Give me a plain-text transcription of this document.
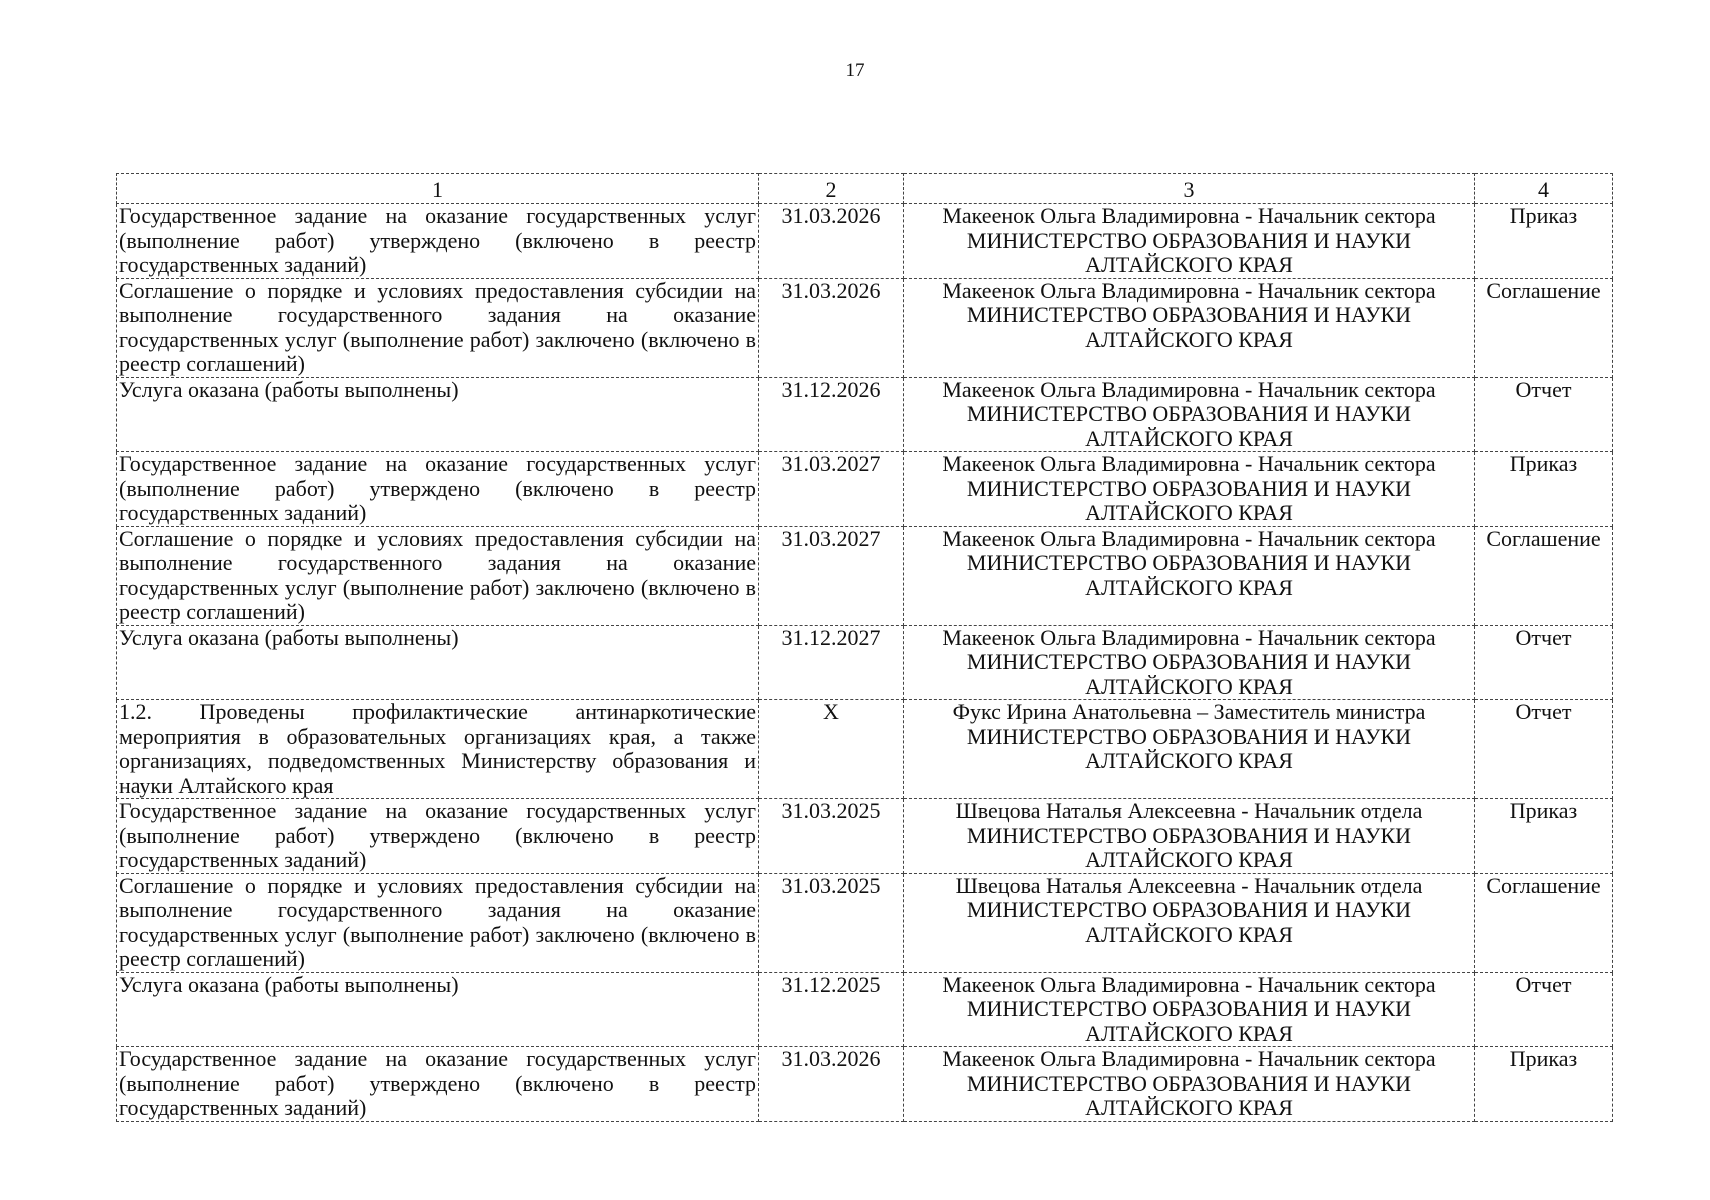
17
1	2	3	4
Государственное задание на оказание государственных услуг (выполнение работ) утверждено (включено в реестр государственных заданий)	31.03.2026	Макеенок Ольга Владимировна - Начальник сектора
МИНИСТЕРСТВО ОБРАЗОВАНИЯ И НАУКИ АЛТАЙСКОГО КРАЯ	Приказ
Соглашение о порядке и условиях предоставления субсидии на выполнение государственного задания на оказание государственных услуг (выполнение работ) заключено (включено в реестр соглашений)	31.03.2026	Макеенок Ольга Владимировна - Начальник сектора
МИНИСТЕРСТВО ОБРАЗОВАНИЯ И НАУКИ АЛТАЙСКОГО КРАЯ	Соглашение
Услуга оказана (работы выполнены)	31.12.2026	Макеенок Ольга Владимировна - Начальник сектора
МИНИСТЕРСТВО ОБРАЗОВАНИЯ И НАУКИ АЛТАЙСКОГО КРАЯ	Отчет
Государственное задание на оказание государственных услуг (выполнение работ) утверждено (включено в реестр государственных заданий)	31.03.2027	Макеенок Ольга Владимировна - Начальник сектора
МИНИСТЕРСТВО ОБРАЗОВАНИЯ И НАУКИ АЛТАЙСКОГО КРАЯ	Приказ
Соглашение о порядке и условиях предоставления субсидии на выполнение государственного задания на оказание государственных услуг (выполнение работ) заключено (включено в реестр соглашений)	31.03.2027	Макеенок Ольга Владимировна - Начальник сектора
МИНИСТЕРСТВО ОБРАЗОВАНИЯ И НАУКИ АЛТАЙСКОГО КРАЯ	Соглашение
Услуга оказана (работы выполнены)	31.12.2027	Макеенок Ольга Владимировна - Начальник сектора
МИНИСТЕРСТВО ОБРАЗОВАНИЯ И НАУКИ АЛТАЙСКОГО КРАЯ	Отчет
1.2. Проведены профилактические антинаркотические мероприятия в образовательных организациях края, а также организациях, подведомственных Министерству образования и науки Алтайского края	X	Фукс Ирина Анатольевна – Заместитель министра
МИНИСТЕРСТВО ОБРАЗОВАНИЯ И НАУКИ АЛТАЙСКОГО КРАЯ	Отчет
Государственное задание на оказание государственных услуг (выполнение работ) утверждено (включено в реестр государственных заданий)	31.03.2025	Швецова Наталья Алексеевна - Начальник отдела
МИНИСТЕРСТВО ОБРАЗОВАНИЯ И НАУКИ АЛТАЙСКОГО КРАЯ	Приказ
Соглашение о порядке и условиях предоставления субсидии на выполнение государственного задания на оказание государственных услуг (выполнение работ) заключено (включено в реестр соглашений)	31.03.2025	Швецова Наталья Алексеевна - Начальник отдела
МИНИСТЕРСТВО ОБРАЗОВАНИЯ И НАУКИ АЛТАЙСКОГО КРАЯ	Соглашение
Услуга оказана (работы выполнены)	31.12.2025	Макеенок Ольга Владимировна - Начальник сектора
МИНИСТЕРСТВО ОБРАЗОВАНИЯ И НАУКИ АЛТАЙСКОГО КРАЯ	Отчет
Государственное задание на оказание государственных услуг (выполнение работ) утверждено (включено в реестр государственных заданий)	31.03.2026	Макеенок Ольга Владимировна - Начальник сектора
МИНИСТЕРСТВО ОБРАЗОВАНИЯ И НАУКИ АЛТАЙСКОГО КРАЯ	Приказ
